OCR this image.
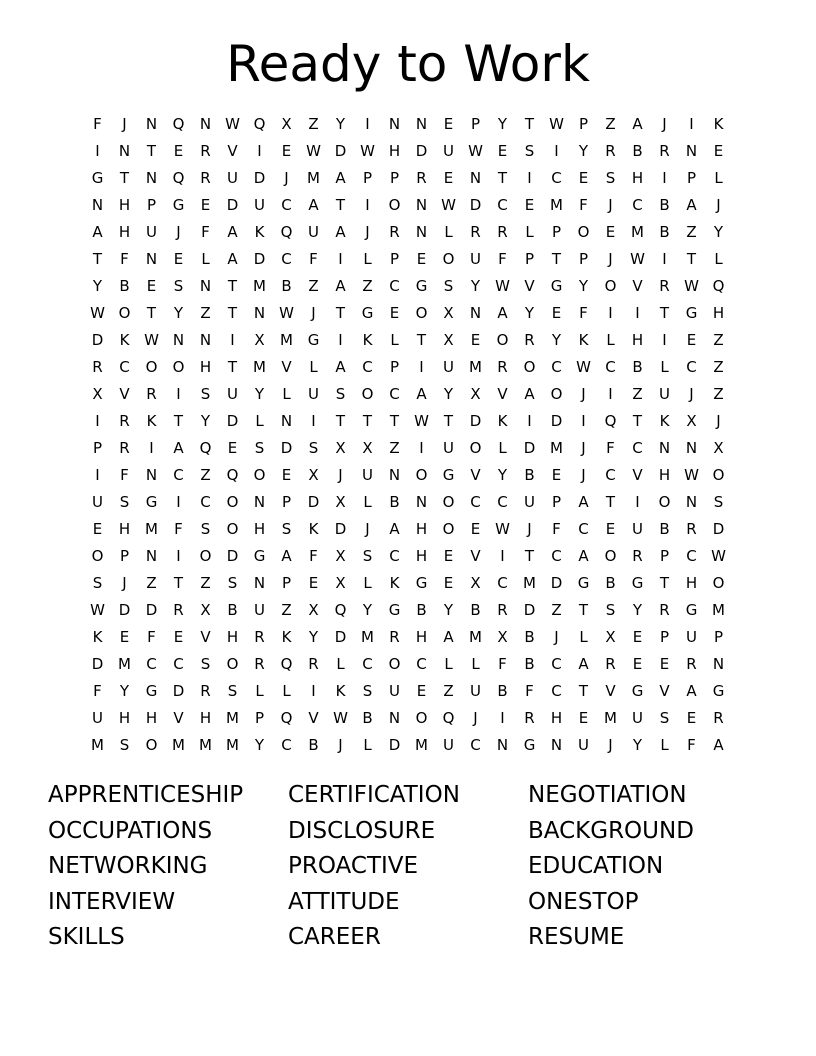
Ready to Work
F	J	N	Q	N W Q	X	Z	Y	I	N	N	E	P	Y	T	W	P	Z	A	J	I	K
I	N	T	E	R	V	I	E W D W H	D	U W E	S	I	Y	R	B	R	N	E
G	T	N	Q	R	U	D	J	M	A	P	P	R	E	N	T	I	C	E	S	H	I	P	L
N	H	P	G	E	D	U	C	A	T	I	O	N W D	C	E	M	F	J	C	B	A	J
A	H	U	J	F	A	K	Q	U	A	J	R	N	L	R	R	L	P	O	E	M	B	Z	Y
T	F	N	E	L	A	D	C	F	I	L	P	E	O	U	F	P	T	P	J	W	I	T	L
Y	B	E	S	N	T	M	B	Z	A	Z	C	G	S	Y	W V	G	Y	O	V	R W Q
W O	T	Y	Z	T	N W	J	T	G	E	O	X	N	A	Y	E	F	I	I	T	G	H
D	K W N	N	I	X	M G	I	K	L	T	X	E	O	R	Y	K	L	H	I	E	Z
R	C	O	O	H	T	M	V	L	A	C	P	I	U	M	R	O	C W C	B	L	C	Z
X	V	R	I	S	U	Y	L	U	S	O	C	A	Y	X	V	A	O	J	I	Z	U	J	Z
I	R	K	T	Y	D	L	N	I	T	T	T	W T	D	K	I	D	I	Q	T	K	X	J
P	R	I	A	Q	E	S	D	S	X	X	Z	I	U	O	L	D M	J	F	C	N	N	X
I	F	N	C	Z	Q	O	E	X	J	U	N	O	G	V	Y	B	E	J	C	V	H W O
U	S	G	I	C	O	N	P	D	X	L	B	N	O	C	C	U	P	A	T	I	O	N	S
E	H M	F	S	O	H	S	K	D	J	A	H	O	E W	J	F	C	E	U	B	R	D
O	P	N	I	O	D	G	A	F	X	S	C	H	E	V	I	T	C	A	O	R	P	C W
S	J	Z	T	Z	S	N	P	E	X	L	K	G	E	X	C	M D	G	B	G	T	H	O
W D	D	R	X	B	U	Z	X	Q	Y	G	B	Y	B	R	D	Z	T	S	Y	R	G M
K	E	F	E	V	H	R	K	Y	D M	R	H	A	M	X	B	J	L	X	E	P	U	P
D M	C	C	S	O	R	Q	R	L	C	O	C	L	L	F	B	C	A	R	E	E	R	N
F	Y	G	D	R	S	L	L	I	K	S	U	E	Z	U	B	F	C	T	V	G	V	A	G
U	H	H	V	H M	P	Q	V W B	N	O	Q	J	I	R	H	E	M	U	S	E	R
M	S	O M M M	Y	C	B	J	L	D M	U	C	N	G	N	U	J	Y	L	F	A
APPRENTICESHIP	CERTIFICATION	NEGOTIATION
OCCUPATIONS	DISCLOSURE	BACKGROUND
NETWORKING	PROACTIVE	EDUCATION
INTERVIEW	ATTITUDE	ONESTOP
SKILLS	CAREER	RESUME
